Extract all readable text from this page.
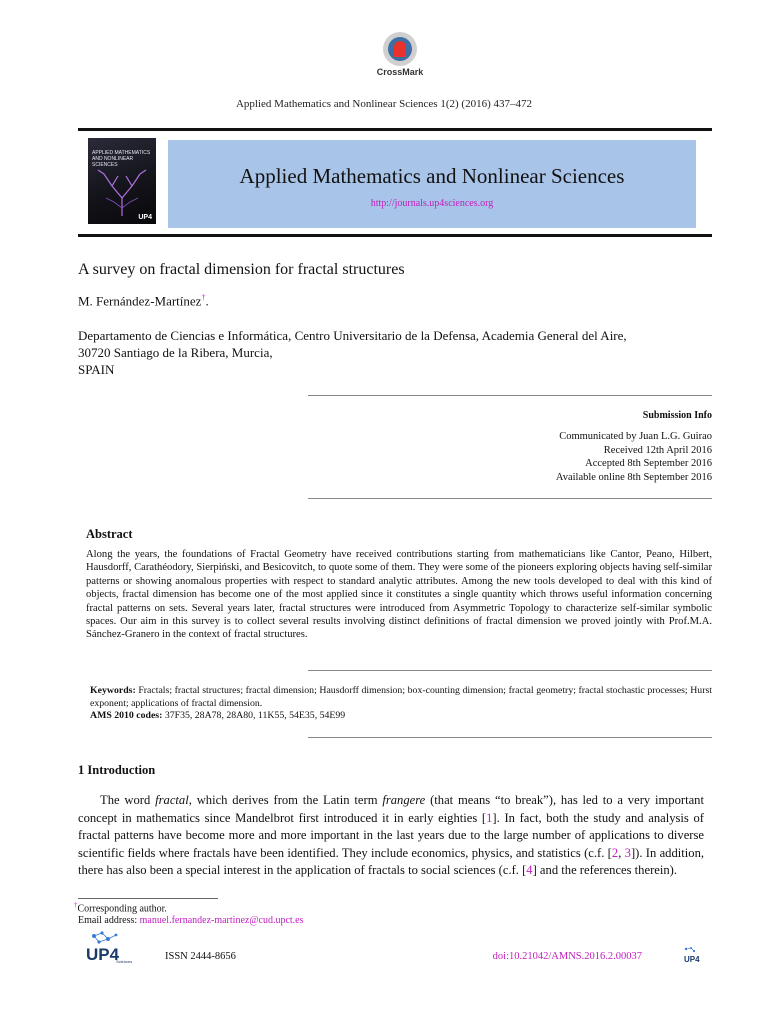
CrossMark
Applied Mathematics and Nonlinear Sciences 1(2) (2016) 437–472
APPLIED MATHEMATICS AND NONLINEAR SCIENCES
UP4
Applied Mathematics and Nonlinear Sciences
http://journals.up4sciences.org
A survey on fractal dimension for fractal structures
M. Fernández-Martínez†.
Departamento de Ciencias e Informática, Centro Universitario de la Defensa, Academia General del Aire,
30720 Santiago de la Ribera, Murcia,
SPAIN
Submission Info
Communicated by Juan L.G. Guirao
Received 12th April 2016
Accepted 8th September 2016
Available online 8th September 2016
Abstract
Along the years, the foundations of Fractal Geometry have received contributions starting from mathematicians like Cantor, Peano, Hilbert, Hausdorff, Carathéodory, Sierpiński, and Besicovitch, to quote some of them. They were some of the pioneers exploring objects having self-similar patterns or showing anomalous properties with respect to standard analytic attributes. Among the new tools developed to deal with this kind of objects, fractal dimension has become one of the most applied since it constitutes a single quantity which throws useful information concerning fractal patterns on sets. Several years later, fractal structures were introduced from Asymmetric Topology to characterize self-similar symbolic spaces. Our aim in this survey is to collect several results involving distinct definitions of fractal dimension we proved jointly with Prof.M.A. Sánchez-Granero in the context of fractal structures.
Keywords: Fractals; fractal structures; fractal dimension; Hausdorff dimension; box-counting dimension; fractal geometry; fractal stochastic processes; Hurst exponent; applications of fractal dimension.
AMS 2010 codes: 37F35, 28A78, 28A80, 11K55, 54E35, 54E99
1 Introduction
The word fractal, which derives from the Latin term frangere (that means “to break”), has led to a very important concept in mathematics since Mandelbrot first introduced it in early eighties [1]. In fact, both the study and analysis of fractal patterns have become more and more important in the last years due to the large number of applications to diverse scientific fields where fractals have been identified. They include economics, physics, and statistics (c.f. [2, 3]). In addition, there has also been a special interest in the application of fractals to social sciences (c.f. [4] and the references therein).
†Corresponding author.
Email address: manuel.fernandez-martinez@cud.upct.es
UP4
Sciences	ISSN 2444-8656	doi:10.21042/AMNS.2016.2.00037	UP4
